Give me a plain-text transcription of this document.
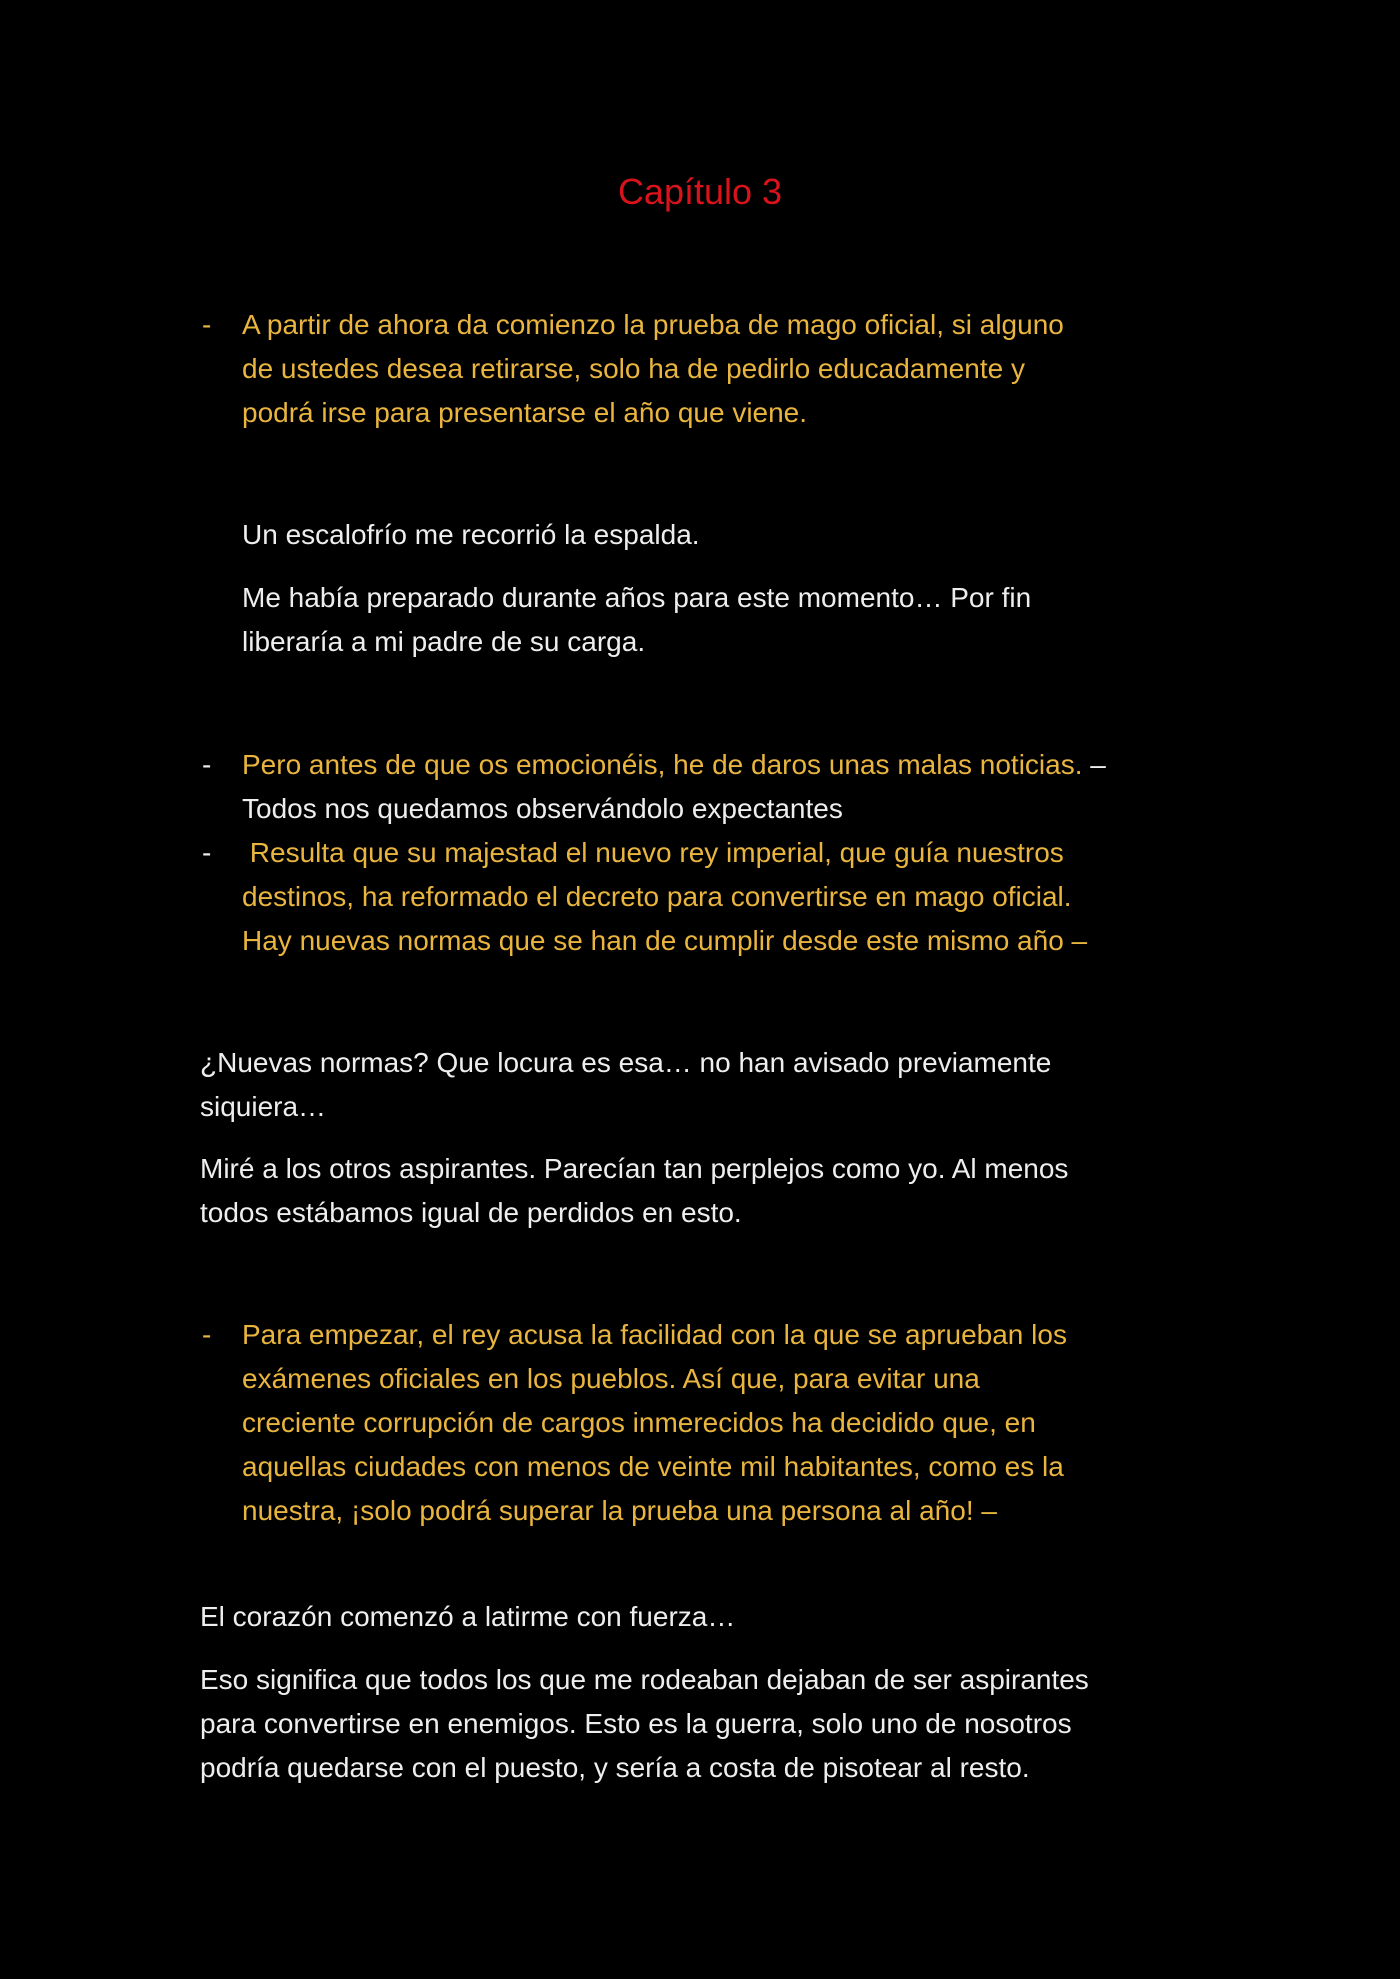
Capítulo 3
- A partir de ahora da comienzo la prueba de mago oficial, si alguno

de ustedes desea retirarse, solo ha de pedirlo educadamente y

podrá irse para presentarse el año que viene.

Un escalofrío me recorrió la espalda.

Me había preparado durante años para este momento… Por fin

liberaría a mi padre de su carga.

- Pero antes de que os emocionéis, he de daros unas malas noticias. –

Todos nos quedamos observándolo expectantes

- Resulta que su majestad el nuevo rey imperial, que guía nuestros

destinos, ha reformado el decreto para convertirse en mago oficial.

Hay nuevas normas que se han de cumplir desde este mismo año –

¿Nuevas normas? Que locura es esa… no han avisado previamente

siquiera…

Miré a los otros aspirantes. Parecían tan perplejos como yo. Al menos

todos estábamos igual de perdidos en esto.

- Para empezar, el rey acusa la facilidad con la que se aprueban los

exámenes oficiales en los pueblos. Así que, para evitar una

creciente corrupción de cargos inmerecidos ha decidido que, en

aquellas ciudades con menos de veinte mil habitantes, como es la

nuestra, ¡solo podrá superar la prueba una persona al año! –

El corazón comenzó a latirme con fuerza…

Eso significa que todos los que me rodeaban dejaban de ser aspirantes

para convertirse en enemigos. Esto es la guerra, solo uno de nosotros

podría quedarse con el puesto, y sería a costa de pisotear al resto.
